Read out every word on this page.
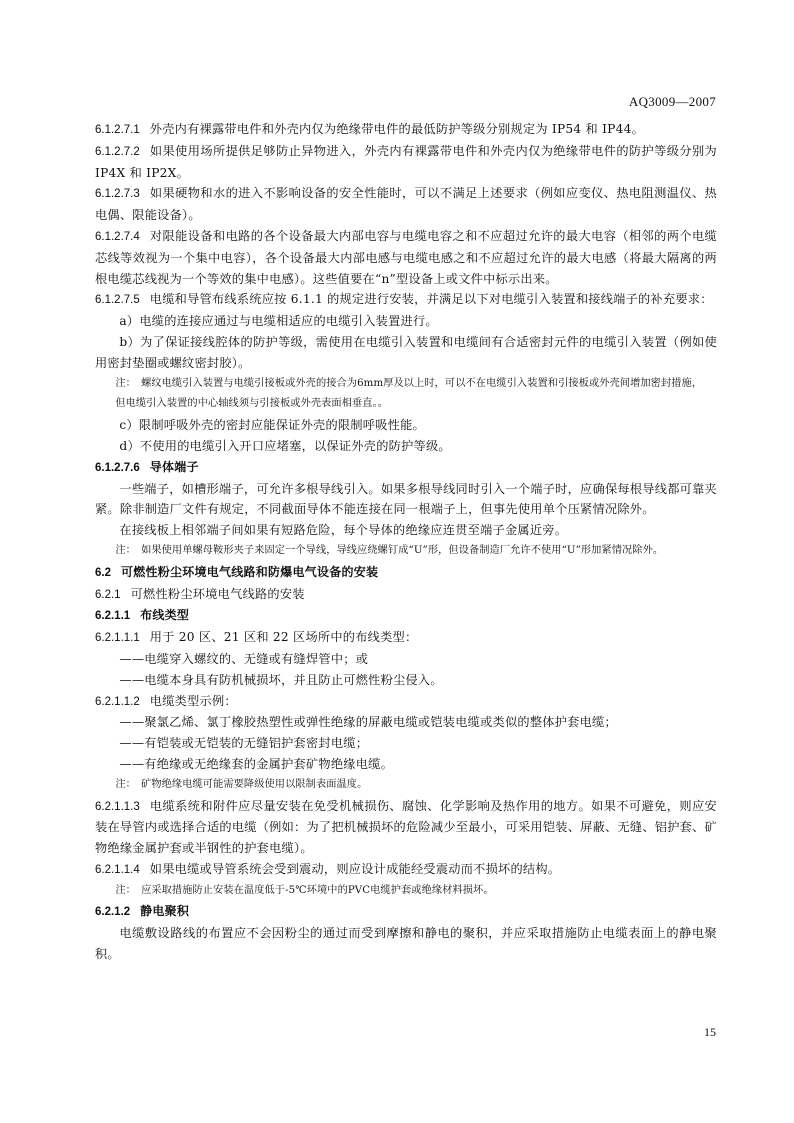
AQ3009—2007

6.1.2.7.1 外壳内有裸露带电件和外壳内仅为绝缘带电件的最低防护等级分别规定为 IP54 和 IP44。

6.1.2.7.2 如果使用场所提供足够防止异物进入，外壳内有裸露带电件和外壳内仅为绝缘带电件的防护等级分别为 IP4X 和 IP2X。

6.1.2.7.3 如果硬物和水的进入不影响设备的安全性能时，可以不满足上述要求（例如应变仪、热电阻测温仪、热电偶、限能设备）。

6.1.2.7.4 对限能设备和电路的各个设备最大内部电容与电缆电容之和不应超过允许的最大电容（相邻的两个电缆芯线等效视为一个集中电容），各个设备最大内部电感与电缆电感之和不应超过允许的最大电感（将最大隔离的两根电缆芯线视为一个等效的集中电感）。这些值要在“n”型设备上或文件中标示出来。

6.1.2.7.5 电缆和导管布线系统应按 6.1.1 的规定进行安装，并满足以下对电缆引入装置和接线端子的补充要求：

a）电缆的连接应通过与电缆相适应的电缆引入装置进行。

b）为了保证接线腔体的防护等级，需使用在电缆引入装置和电缆间有合适密封元件的电缆引入装置（例如使用密封垫圈或螺纹密封胶）。

注： 螺纹电缆引入装置与电缆引接板或外壳的接合为6mm厚及以上时，可以不在电缆引入装置和引接板或外壳间增加密封措施，但电缆引入装置的中心轴线须与引接板或外壳表面相垂直。。

c）限制呼吸外壳的密封应能保证外壳的限制呼吸性能。

d）不使用的电缆引入开口应堵塞，以保证外壳的防护等级。

6.1.2.7.6 导体端子

一些端子，如槽形端子，可允许多根导线引入。如果多根导线同时引入一个端子时，应确保每根导线都可靠夹紧。除非制造厂文件有规定，不同截面导体不能连接在同一根端子上，但事先使用单个压紧情况除外。

在接线板上相邻端子间如果有短路危险，每个导体的绝缘应连贯至端子金属近旁。

注： 如果使用单螺母鞍形夹子来固定一个导线，导线应绕螺钉成“U”形，但设备制造厂允许不使用“U”形加紧情况除外。

6.2 可燃性粉尘环境电气线路和防爆电气设备的安装

6.2.1 可燃性粉尘环境电气线路的安装

6.2.1.1 布线类型

6.2.1.1.1 用于 20 区、21 区和 22 区场所中的布线类型：

——电缆穿入螺纹的、无缝或有缝焊管中；或

——电缆本身具有防机械损坏，并且防止可燃性粉尘侵入。

6.2.1.1.2 电缆类型示例：

——聚氯乙烯、氯丁橡胶热塑性或弹性绝缘的屏蔽电缆或铠装电缆或类似的整体护套电缆；

——有铠装或无铠装的无缝铝护套密封电缆；

——有绝缘或无绝缘套的金属护套矿物绝缘电缆。

注： 矿物绝缘电缆可能需要降级使用以限制表面温度。

6.2.1.1.3 电缆系统和附件应尽量安装在免受机械损伤、腐蚀、化学影响及热作用的地方。如果不可避免，则应安装在导管内或选择合适的电缆（例如：为了把机械损坏的危险减少至最小，可采用铠装、屏蔽、无缝、铝护套、矿物绝缘金属护套或半钢性的护套电缆）。

6.2.1.1.4 如果电缆或导管系统会受到震动，则应设计成能经受震动而不损坏的结构。

注： 应采取措施防止安装在温度低于-5℃环境中的PVC电缆护套或绝缘材料损坏。

6.2.1.2 静电聚积

电缆敷设路线的布置应不会因粉尘的通过而受到摩擦和静电的聚积，并应采取措施防止电缆表面上的静电聚积。

15
